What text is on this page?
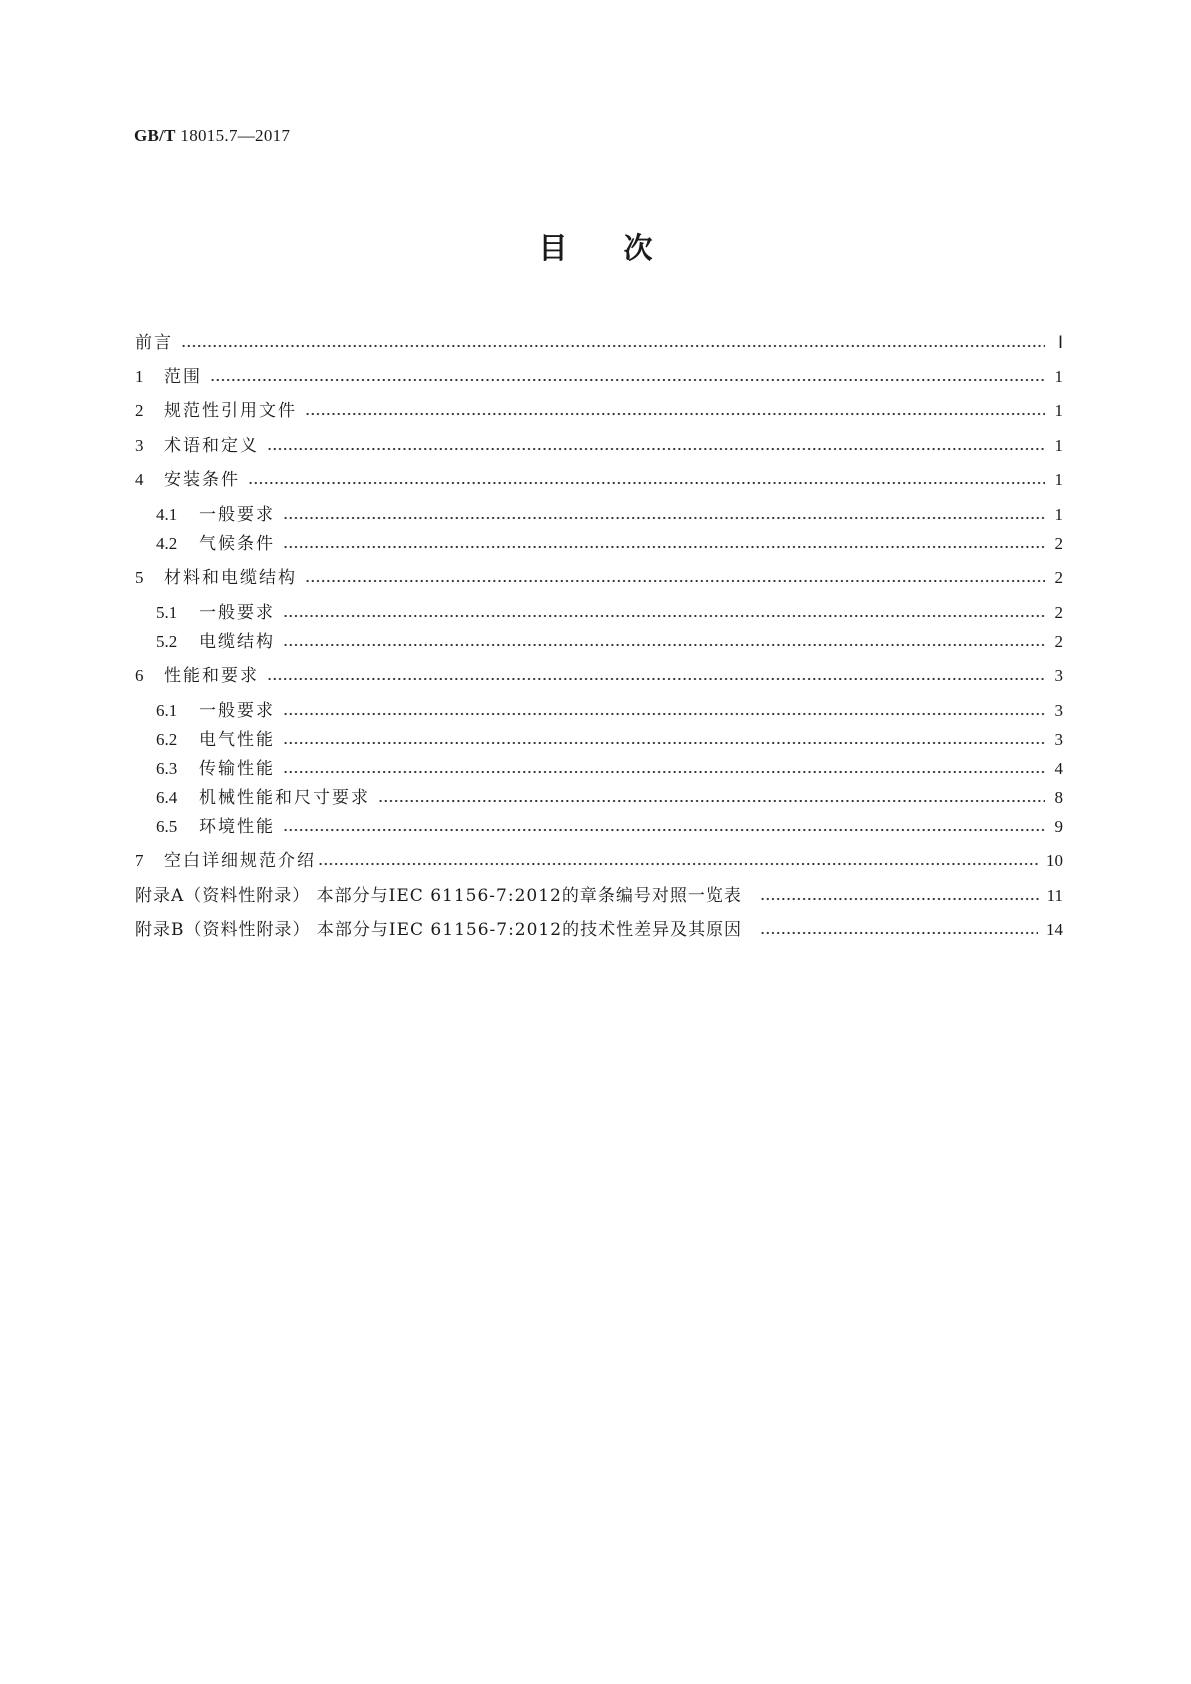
GB/T 18015.7—2017
目次
前言	Ⅰ
1	范围	1
2	规范性引用文件	1
3	术语和定义	1
4	安装条件	1
4.1	一般要求	1
4.2	气候条件	2
5	材料和电缆结构	2
5.1	一般要求	2
5.2	电缆结构	2
6	性能和要求	3
6.1	一般要求	3
6.2	电气性能	3
6.3	传输性能	4
6.4	机械性能和尺寸要求	8
6.5	环境性能	9
7	空白详细规范介绍	10
附录A（资料性附录） 本部分与IEC 61156-7:2012的章条编号对照一览表	11
附录B（资料性附录） 本部分与IEC 61156-7:2012的技术性差异及其原因	14
